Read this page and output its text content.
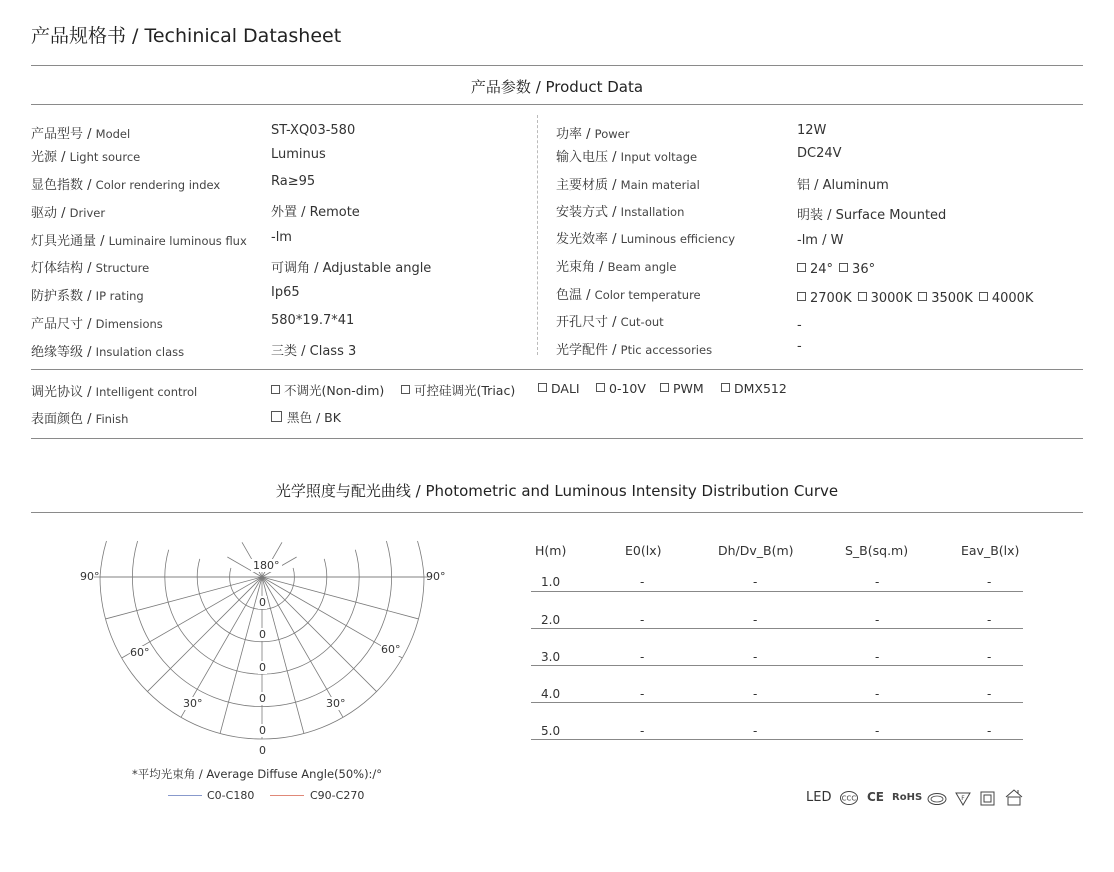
产品规格书 / Techinical Datasheet
产品参数 / Product Data
产品型号 / Model	ST-XQ03-580
光源 / Light source	Luminus
显色指数 / Color rendering index	Ra≥95
驱动 / Driver	外置 / Remote
灯具光通量 / Luminaire luminous flux -lm
灯体结构 / Structure	可调角 / Adjustable angle
防护系数 / IP rating	Ip65
产品尺寸 / Dimensions	580*19.7*41
绝缘等级 / Insulation class	三类 / Class 3
功率 / Power	12W
输入电压 / Input voltage	DC24V
主要材质 / Main material	铝 / Aluminum
安装方式 / Installation	明装 / Surface Mounted
发光效率 / Luminous efficiency	-lm / W
光束角 / Beam angle	24° 36°
色温 / Color temperature	2700K 3000K 3500K 4000K
开孔尺寸 / Cut-out	-
光学配件 / Ptic accessories	-
调光协议 / Intelligent control	不调光(Non-dim)	可控硅调光(Triac)	DALI	0-10V	PWM	DMX512
表面颜色 / Finish	黑色 / BK
光学照度与配光曲线 / Photometric and Luminous Intensity Distribution Curve
180°
90°	90°
60°	60°
30°	30°
0
0
0
0
0
0
*平均光束角 / Average Diffuse Angle(50%):/°
C0-C180	C90-C270
H(m)	E0(lx)	Dh/Dv_B(m)	S_B(sq.m)	Eav_B(lx)
1.0	-	-	-	-
2.0	-	-	-	-
3.0	-	-	-	-
4.0	-	-	-	-
5.0	-	-	-	-
LED CCC CE RoHS	F
